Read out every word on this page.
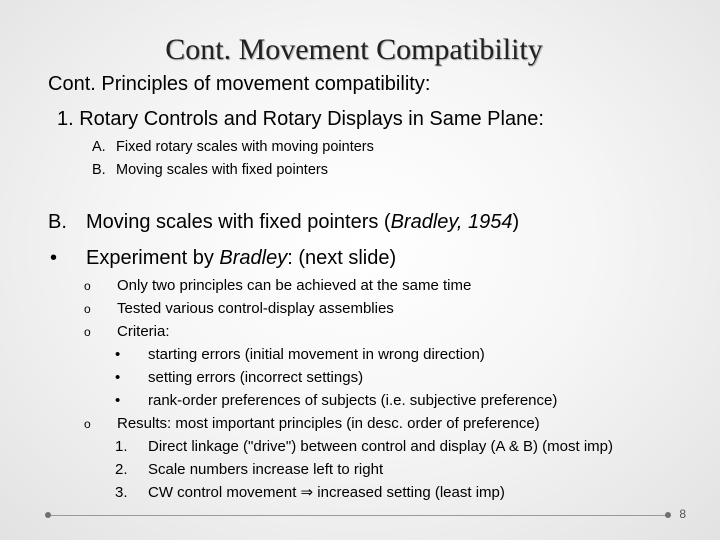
Cont. Movement Compatibility
Cont. Principles of movement compatibility:
1. Rotary Controls and Rotary Displays in Same Plane:
A. Fixed rotary scales with moving pointers
B. Moving scales with fixed pointers
B. Moving scales with fixed pointers (Bradley, 1954)
• Experiment by Bradley: (next slide)
o Only two principles can be achieved at the same time
o Tested various control-display assemblies
o Criteria:
• starting errors (initial movement in wrong direction)
• setting errors (incorrect settings)
• rank-order preferences of subjects (i.e. subjective preference)
o Results: most important principles (in desc. order of preference)
1. Direct linkage ("drive") between control and display (A & B) (most imp)
2. Scale numbers increase left to right
3. CW control movement ⇒ increased setting (least imp)
8
